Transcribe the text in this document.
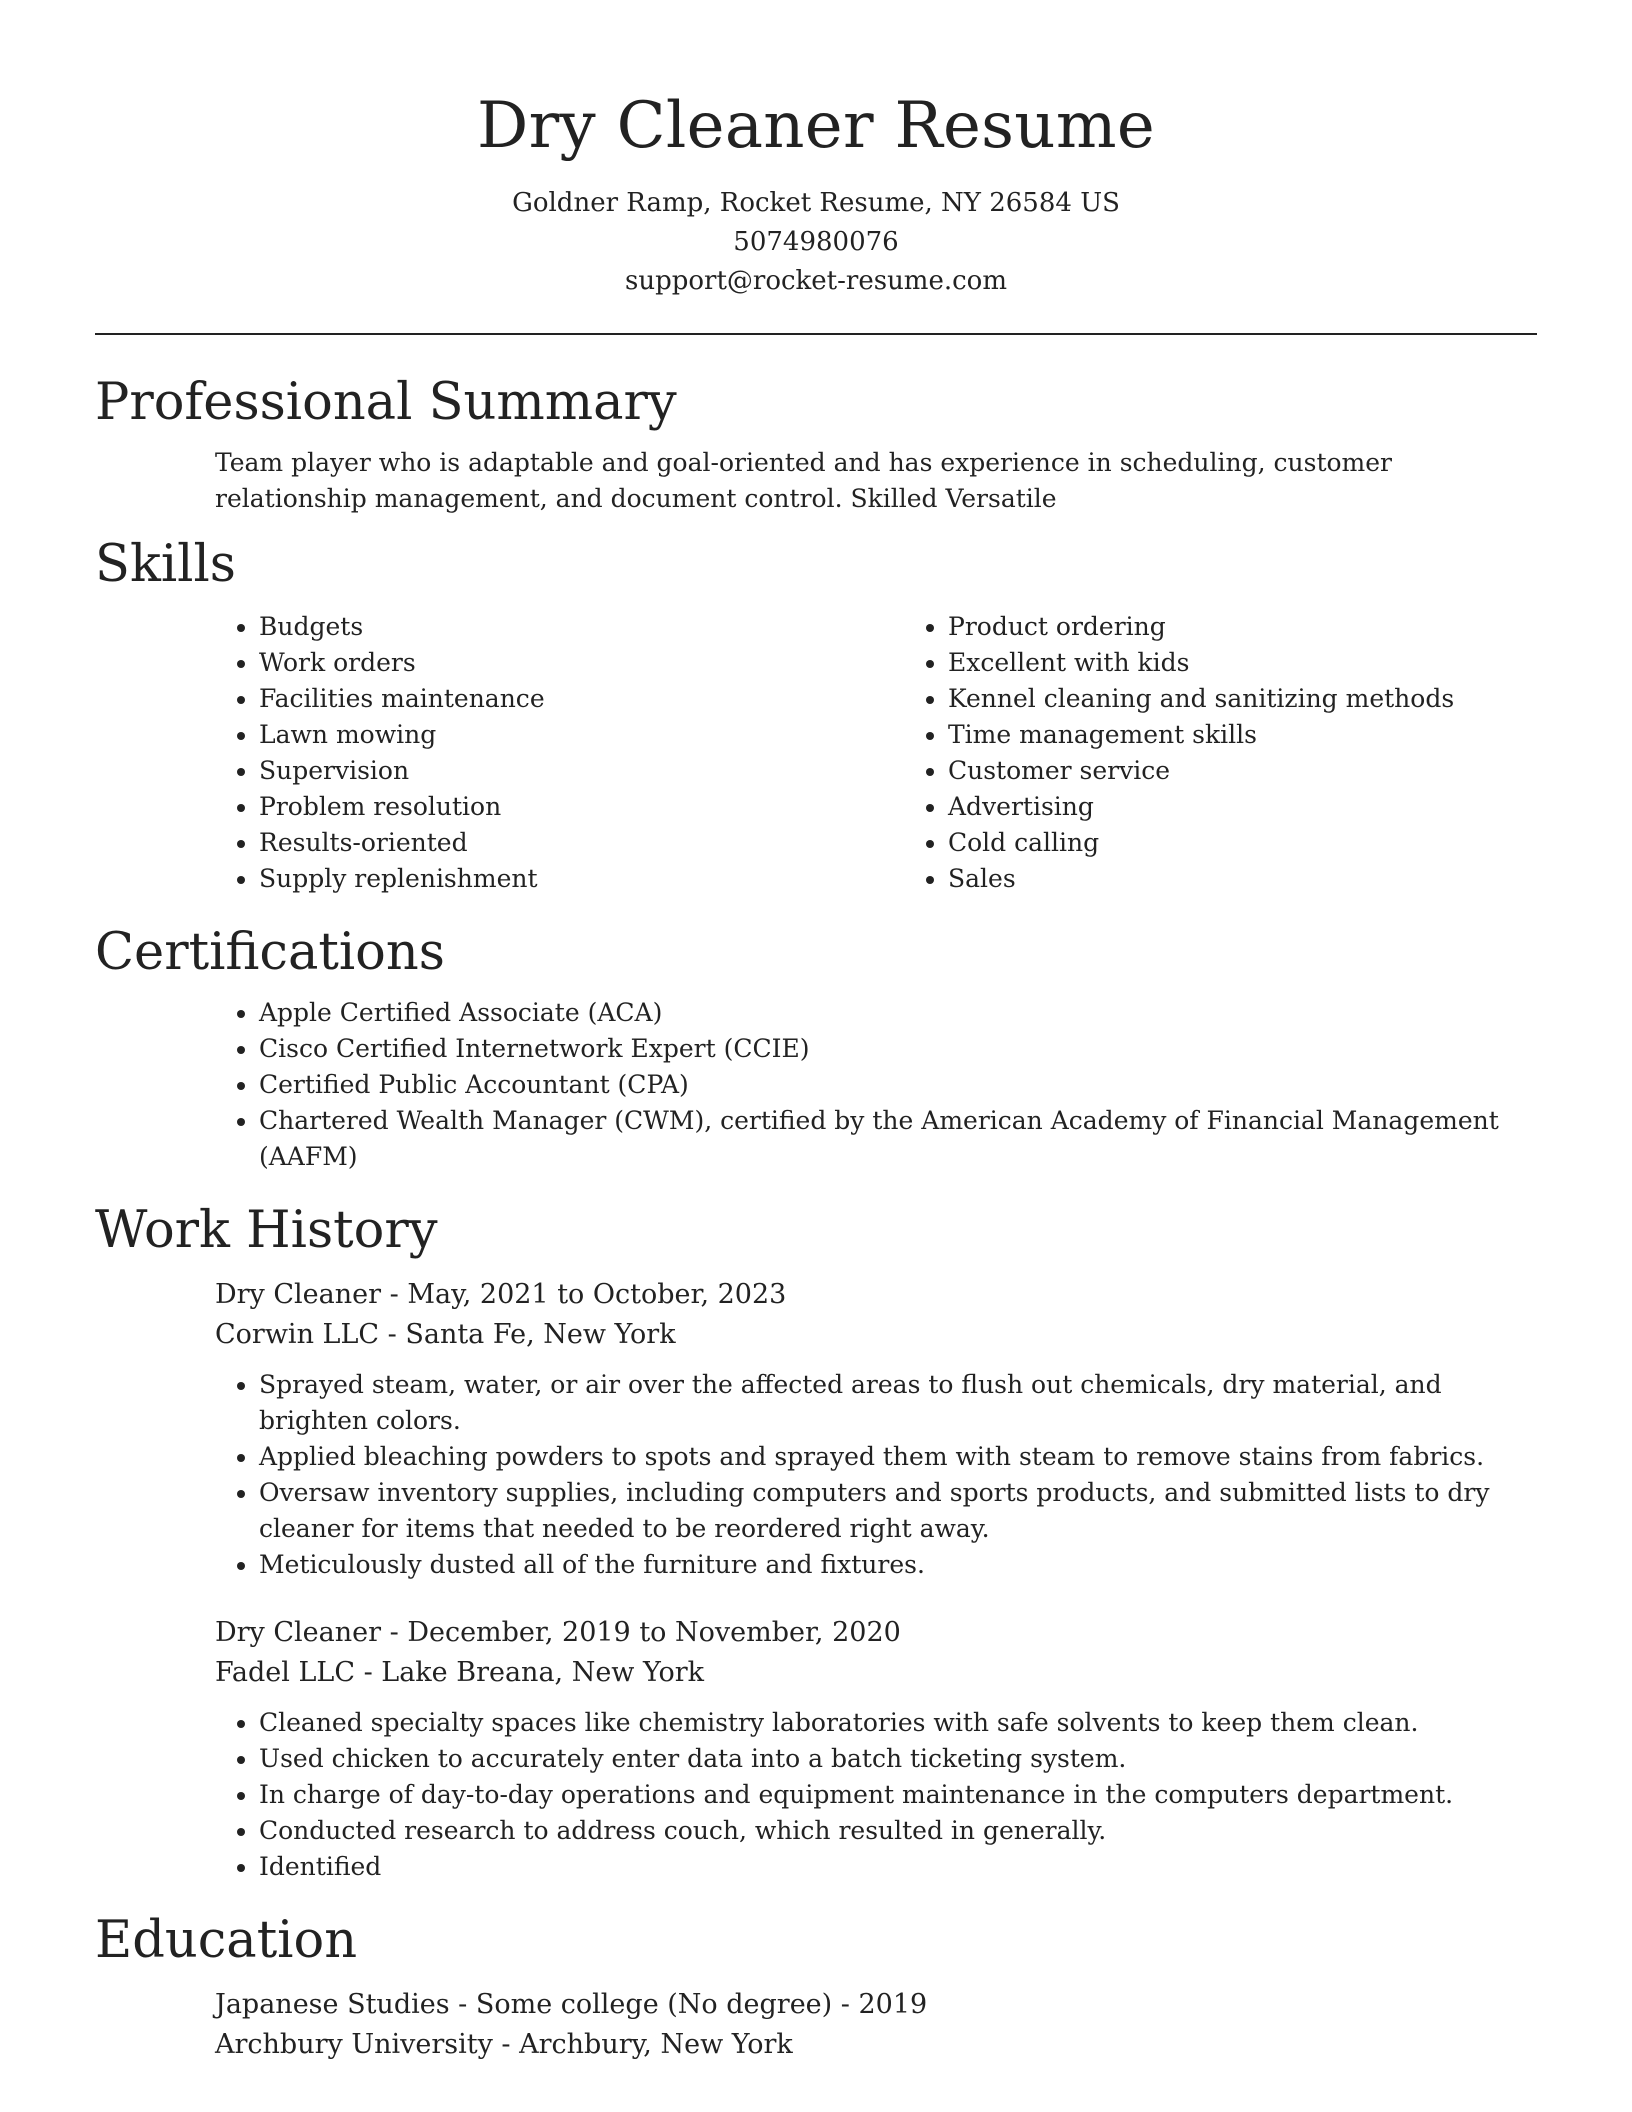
Dry Cleaner Resume
Goldner Ramp, Rocket Resume, NY 26584 US
5074980076
support@rocket-resume.com
Professional Summary

Team player who is adaptable and goal-oriented and has experience in scheduling, customer relationship management, and document control. Skilled Versatile

Skills
• Budgets
• Work orders
• Facilities maintenance
• Lawn mowing
• Supervision
• Problem resolution
• Results-oriented
• Supply replenishment
• Product ordering
• Excellent with kids
• Kennel cleaning and sanitizing methods
• Time management skills
• Customer service
• Advertising
• Cold calling
• Sales
Certifications
• Apple Certified Associate (ACA)
• Cisco Certified Internetwork Expert (CCIE)
• Certified Public Accountant (CPA)
• Chartered Wealth Manager (CWM), certified by the American Academy of Financial Management (AAFM)
Work History
Dry Cleaner - May, 2021 to October, 2023
Corwin LLC - Santa Fe, New York
• Sprayed steam, water, or air over the affected areas to flush out chemicals, dry material, and brighten colors.
• Applied bleaching powders to spots and sprayed them with steam to remove stains from fabrics.
• Oversaw inventory supplies, including computers and sports products, and submitted lists to dry cleaner for items that needed to be reordered right away.
• Meticulously dusted all of the furniture and fixtures.
Dry Cleaner - December, 2019 to November, 2020
Fadel LLC - Lake Breana, New York
• Cleaned specialty spaces like chemistry laboratories with safe solvents to keep them clean.
• Used chicken to accurately enter data into a batch ticketing system.
• In charge of day-to-day operations and equipment maintenance in the computers department.
• Conducted research to address couch, which resulted in generally.
• Identified
Education
Japanese Studies - Some college (No degree) - 2019
Archbury University - Archbury, New York
